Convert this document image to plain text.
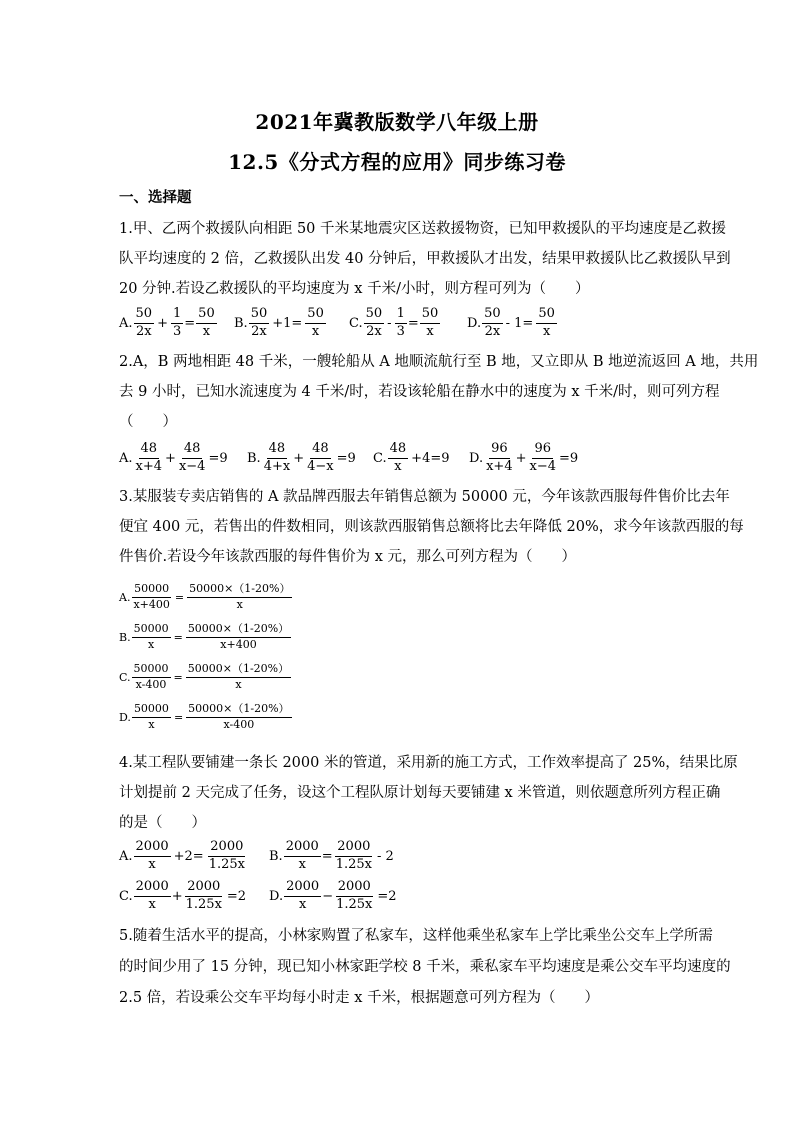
2021年冀教版数学八年级上册
12.5《分式方程的应用》同步练习卷
一、选择题
1.甲、乙两个救援队向相距 50 千米某地震灾区送救援物资，已知甲救援队的平均速度是乙救援
队平均速度的 2 倍，乙救援队出发 40 分钟后，甲救援队才出发，结果甲救援队比乙救援队早到
20 分钟.若设乙救援队的平均速度为 x 千米/小时，则方程可列为（　　）
A. $\frac{50}{2x} + \frac{1}{3} = \frac{50}{x} B$. $\frac{50}{2x} +1= \frac{50}{x} C$. $\frac{50}{2x} - \frac{1}{3} = \frac{50}{x} D$. $\frac{50}{2x} - 1= \frac{50}{x}$
2.A，B 两地相距 48 千米，一艘轮船从 A 地顺流航行至 B 地，又立即从 B 地逆流返回 A 地，共用
去 9 小时，已知水流速度为 4 千米/时，若设该轮船在静水中的速度为 x 千米/时，则可列方程
（　　）
A. $\frac{48}{x+4} + \frac{48}{x-4} =9$ B. $\frac{48}{4+x} + \frac{48}{4-x} =9$ C. $\frac{48}{x} +4=9$ D. $\frac{96}{x+4} + \frac{96}{x-4} =9$
3.某服装专卖店销售的 A 款品牌西服去年销售总额为 50000 元，今年该款西服每件售价比去年
便宜 400 元，若售出的件数相同，则该款西服销售总额将比去年降低 20%，求今年该款西服的每
件售价.若设今年该款西服的每件售价为 x 元，那么可列方程为（　　）
A. $\frac{50000}{x+400} = \frac{50000\times(1-20\%)}{x}$
B. $\frac{50000}{x} = \frac{50000\times(1-20\%)}{x+400}$
C. $\frac{50000}{x-400} = \frac{50000\times(1-20\%)}{x}$
D. $\frac{50000}{x} = \frac{50000\times(1-20\%)}{x-400}$
4.某工程队要铺建一条长 2000 米的管道，采用新的施工方式，工作效率提高了 25%，结果比原
计划提前 2 天完成了任务，设这个工程队原计划每天要铺建 x 米管道，则依题意所列方程正确
的是（　　）
A. $\frac{2000}{x} +2= \frac{2000}{1.25x} B$. $\frac{2000}{x} = \frac{2000}{1.25x} - 2$
C. $\frac{2000}{x} + \frac{2000}{1.25x} =2$ D. $\frac{2000}{x} - \frac{2000}{1.25x} =2$
5.随着生活水平的提高，小林家购置了私家车，这样他乘坐私家车上学比乘坐公交车上学所需
的时间少用了 15 分钟，现已知小林家距学校 8 千米，乘私家车平均速度是乘公交车平均速度的
2.5 倍，若设乘公交车平均每小时走 x 千米，根据题意可列方程为（　　）
